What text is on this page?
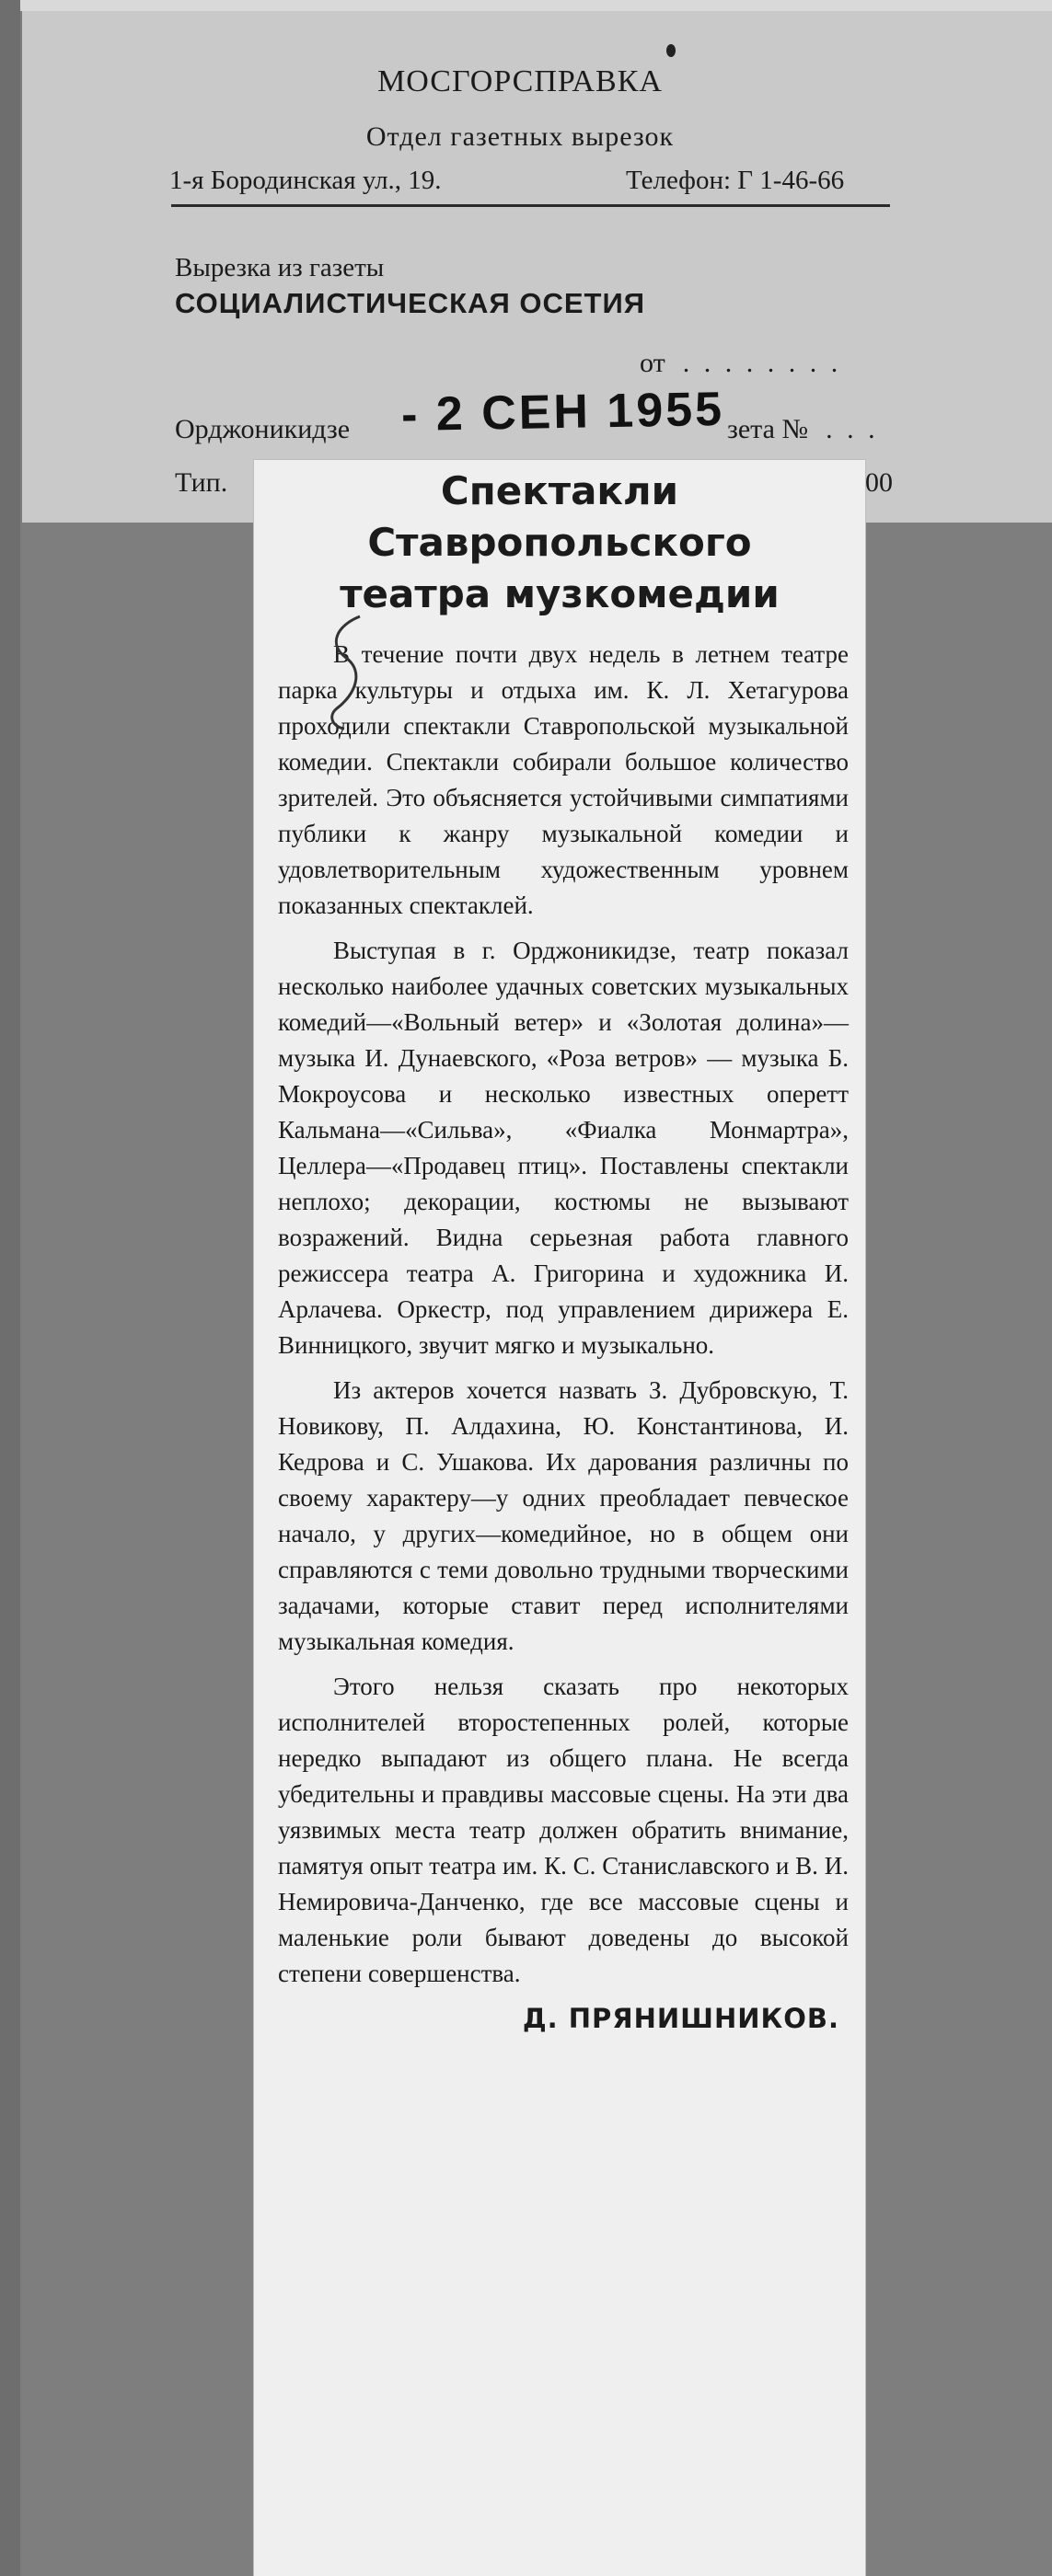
МОСГОРСПРАВКА
Отдел газетных вырезок
1-я Бородинская ул., 19.	Телефон: Г 1-46-66
Вырезка из газеты
СОЦИАЛИСТИЧЕСКАЯ ОСЕТИЯ
от  . . . . . . . .
Орджоникидзе	зета №  . . .
Тип.	00
Спектакли
Ставропольского
театра музкомедии

В течение почти двух недель в летнем театре парка культуры и отдыха им. К. Л. Хетагурова проходили спектакли Ставропольской музыкальной комедии. Спектакли собирали большое количество зрителей. Это объясняется устойчивыми симпатиями публики к жанру музыкальной комедии и удовлетворительным художественным уровнем показанных спектаклей.

Выступая в г. Орджоникидзе, театр показал несколько наиболее удачных советских музыкальных комедий—«Вольный ветер» и «Золотая долина»—музыка И. Дунаевского, «Роза ветров» — музыка Б. Мокроусова и несколько известных оперетт Кальмана—«Сильва», «Фиалка Монмартра», Целлера—«Продавец птиц». Поставлены спектакли неплохо; декорации, костюмы не вызывают возражений. Видна серьезная работа главного режиссера театра А. Григорина и художника И. Арлачева. Оркестр, под управлением дирижера Е. Винницкого, звучит мягко и музыкально.

Из актеров хочется назвать З. Дубровскую, Т. Новикову, П. Алдахина, Ю. Константинова, И. Кедрова и С. Ушакова. Их дарования различны по своему характеру—у одних преобладает певческое начало, у других—комедийное, но в общем они справляются с теми довольно трудными творческими задачами, которые ставит перед исполнителями музыкальная комедия.

Этого нельзя сказать про некоторых исполнителей второстепенных ролей, которые нередко выпадают из общего плана. Не всегда убедительны и правдивы массовые сцены. На эти два уязвимых места театр должен обратить внимание, памятуя опыт театра им. К. С. Станиславского и В. И. Немировича-Данченко, где все массовые сцены и маленькие роли бывают доведены до высокой степени совершенства.

Д. ПРЯНИШНИКОВ.
- 2 СЕН 1955
